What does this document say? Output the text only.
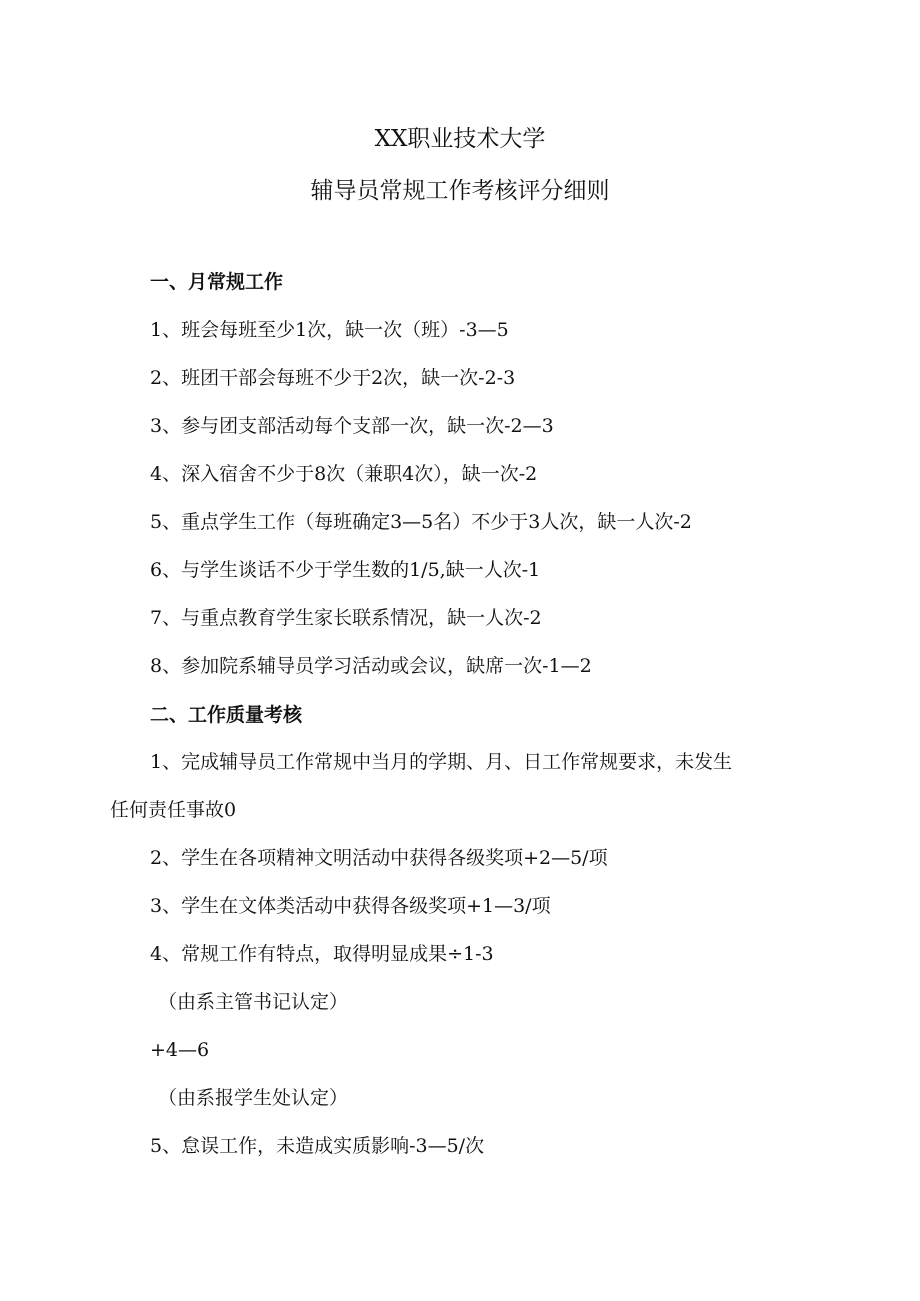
XX职业技术大学
辅导员常规工作考核评分细则

一、月常规工作

1、班会每班至少1次，缺一次（班）-3—5

2、班团干部会每班不少于2次，缺一次-2-3

3、参与团支部活动每个支部一次，缺一次-2—3

4、深入宿舍不少于8次（兼职4次），缺一次-2

5、重点学生工作（每班确定3—5名）不少于3人次，缺一人次-2

6、与学生谈话不少于学生数的1/5,缺一人次-1

7、与重点教育学生家长联系情况，缺一人次-2

8、参加院系辅导员学习活动或会议，缺席一次-1—2

二、工作质量考核

1、完成辅导员工作常规中当月的学期、月、日工作常规要求，未发生

任何责任事故0

2、学生在各项精神文明活动中获得各级奖项+2—5/项

3、学生在文体类活动中获得各级奖项+1—3/项

4、常规工作有特点，取得明显成果÷1-3

（由系主管书记认定）

+4—6

（由系报学生处认定）

5、怠误工作，未造成实质影响-3—5/次
